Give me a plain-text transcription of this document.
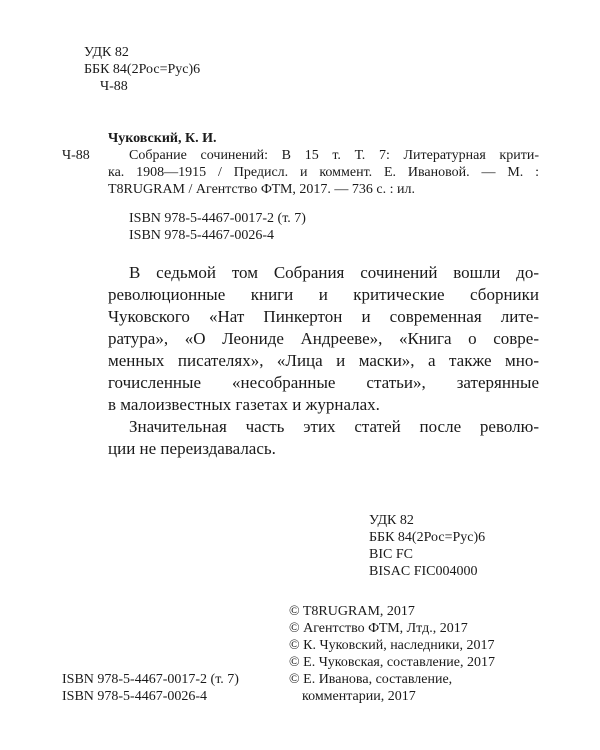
УДК 82
ББК 84(2Рос=Рус)6
Ч-88
Чуковский, К. И.
Ч-88	Собрание сочинений: В 15 т. Т. 7: Литературная крити-
ка. 1908—1915 / Предисл. и коммент. Е. Ивановой. — М. :
T8RUGRAM / Агентство ФТМ, 2017. — 736 с. : ил.
ISBN 978-5-4467-0017-2 (т. 7)
ISBN 978-5-4467-0026-4
В седьмой том Собрания сочинений вошли до-
революционные книги и критические сборники
Чуковского «Нат Пинкертон и современная лите-
ратура», «О Леониде Андрееве», «Книга о совре-
менных писателях», «Лица и маски», а также мно-
гочисленные «несобранные статьи», затерянные
в малоизвестных газетах и журналах.
Значительная часть этих статей после револю-
ции не переиздавалась.
УДК 82
ББК 84(2Рос=Рус)6
BIC FC
BISAC FIC004000
© T8RUGRAM, 2017
© Агентство ФТМ, Лтд., 2017
© К. Чуковский, наследники, 2017
© Е. Чуковская, составление, 2017
© Е. Иванова, составление,
комментарии, 2017
ISBN 978-5-4467-0017-2 (т. 7)
ISBN 978-5-4467-0026-4
